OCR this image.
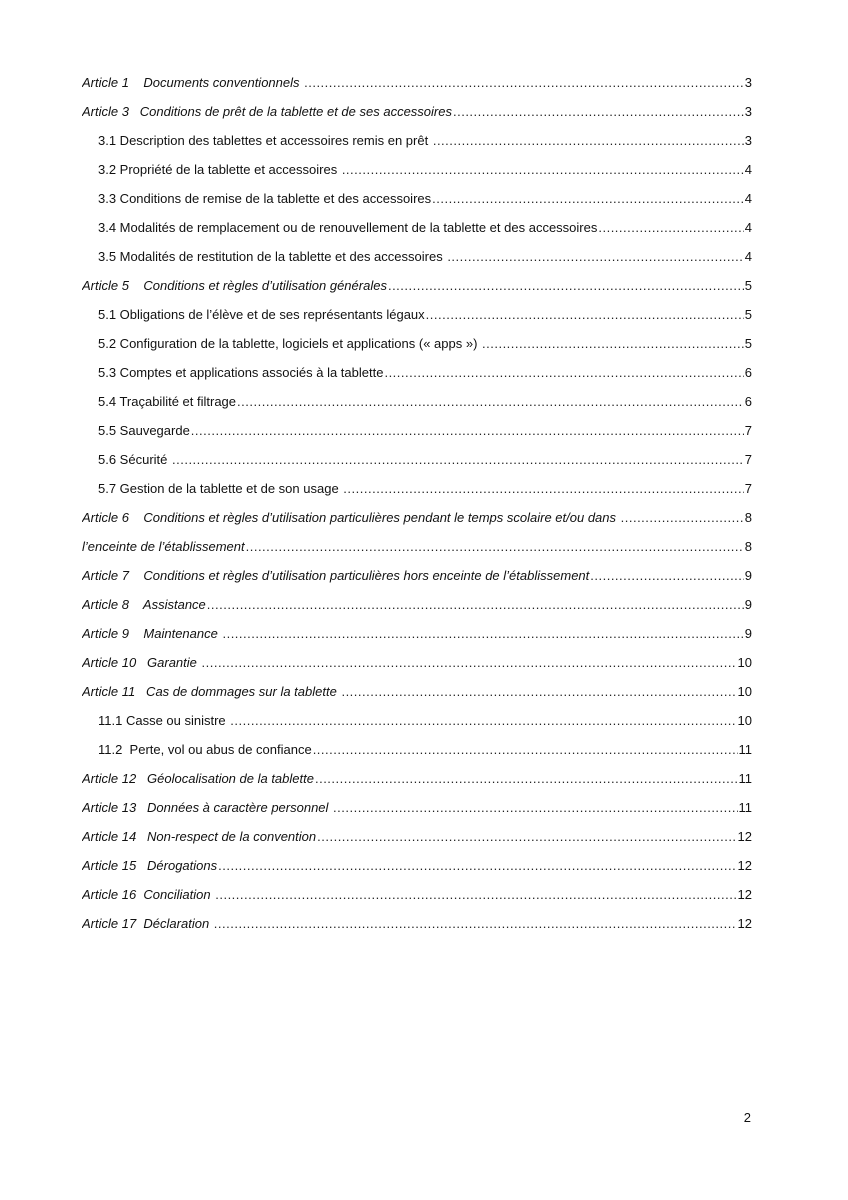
Article 1    Documents conventionnels .....	3
Article 3   Conditions de prêt de la tablette et de ses accessoires .....	3
3.1 Description des tablettes et accessoires remis en prêt .....	3
3.2 Propriété de la tablette et accessoires .....	4
3.3 Conditions de remise de la tablette et des accessoires .....	4
3.4 Modalités de remplacement ou de renouvellement de la tablette et des accessoires .....	4
3.5 Modalités de restitution de la tablette et des accessoires .....	4
Article 5    Conditions et règles d’utilisation générales .....	5
5.1 Obligations de l’élève et de ses représentants légaux .....	5
5.2 Configuration de la tablette, logiciels et applications (« apps ») .....	5
5.3 Comptes et applications associés à la tablette .....	6
5.4 Traçabilité et filtrage .....	6
5.5 Sauvegarde .....	7
5.6 Sécurité .....	7
5.7 Gestion de la tablette et de son usage .....	7
Article 6    Conditions et règles d’utilisation particulières pendant le temps scolaire et/ou dans .....	8
l’enceinte de l’établissement .....	8
Article 7    Conditions et règles d’utilisation particulières hors enceinte de l’établissement .....	9
Article 8    Assistance .....	9
Article 9    Maintenance .....	9
Article 10   Garantie .....	10
Article 11   Cas de dommages sur la tablette .....	10
11.1 Casse ou sinistre .....	10
11.2  Perte, vol ou abus de confiance .....	11
Article 12   Géolocalisation de la tablette .....	11
Article 13   Données à caractère personnel .....	11
Article 14   Non-respect de la convention .....	12
Article 15   Dérogations .....	12
Article 16  Conciliation .....	12
Article 17  Déclaration .....	12
2
